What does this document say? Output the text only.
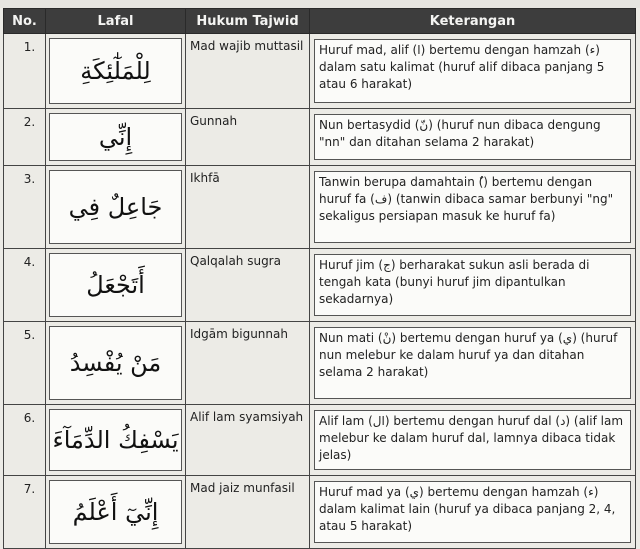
No.	Lafal	Hukum Tajwid	Keterangan
1.	لِلْمَلٰٓئِكَةِ	Mad wajib muttasil	Huruf mad, alif (ا) bertemu dengan hamzah (ء) dalam satu kalimat (huruf alif dibaca panjang 5 atau 6 harakat)

2.	إِنِّي	Gunnah	Nun bertasydid (نّ) (huruf nun dibaca dengung "nn" dan ditahan selama 2 harakat)

3.	جَاعِلٌ فِي	Ikhfā	Tanwin berupa damahtain (ٌ) bertemu dengan huruf fa (ف) (tanwin dibaca samar berbunyi "ng" sekaligus persiapan masuk ke huruf fa)

4.	أَتَجْعَلُ	Qalqalah sugra	Huruf jim (ج) berharakat sukun asli berada di tengah kata (bunyi huruf jim dipantulkan sekadarnya)

5.	مَنْ يُفْسِدُ	Idgām bigunnah	Nun mati (نْ) bertemu dengan huruf ya (ي) (huruf nun melebur ke dalam huruf ya dan ditahan selama 2 harakat)

6.	يَسْفِكُ الدِّمَآءَ	Alif lam syamsiyah	Alif lam (ال) bertemu dengan huruf dal (د) (alif lam melebur ke dalam huruf dal, lamnya dibaca tidak jelas)

7.	إِنِّيٓ أَعْلَمُ	Mad jaiz munfasil	Huruf mad ya (ي) bertemu dengan hamzah (ء) dalam kalimat lain (huruf ya dibaca panjang 2, 4, atau 5 harakat)
